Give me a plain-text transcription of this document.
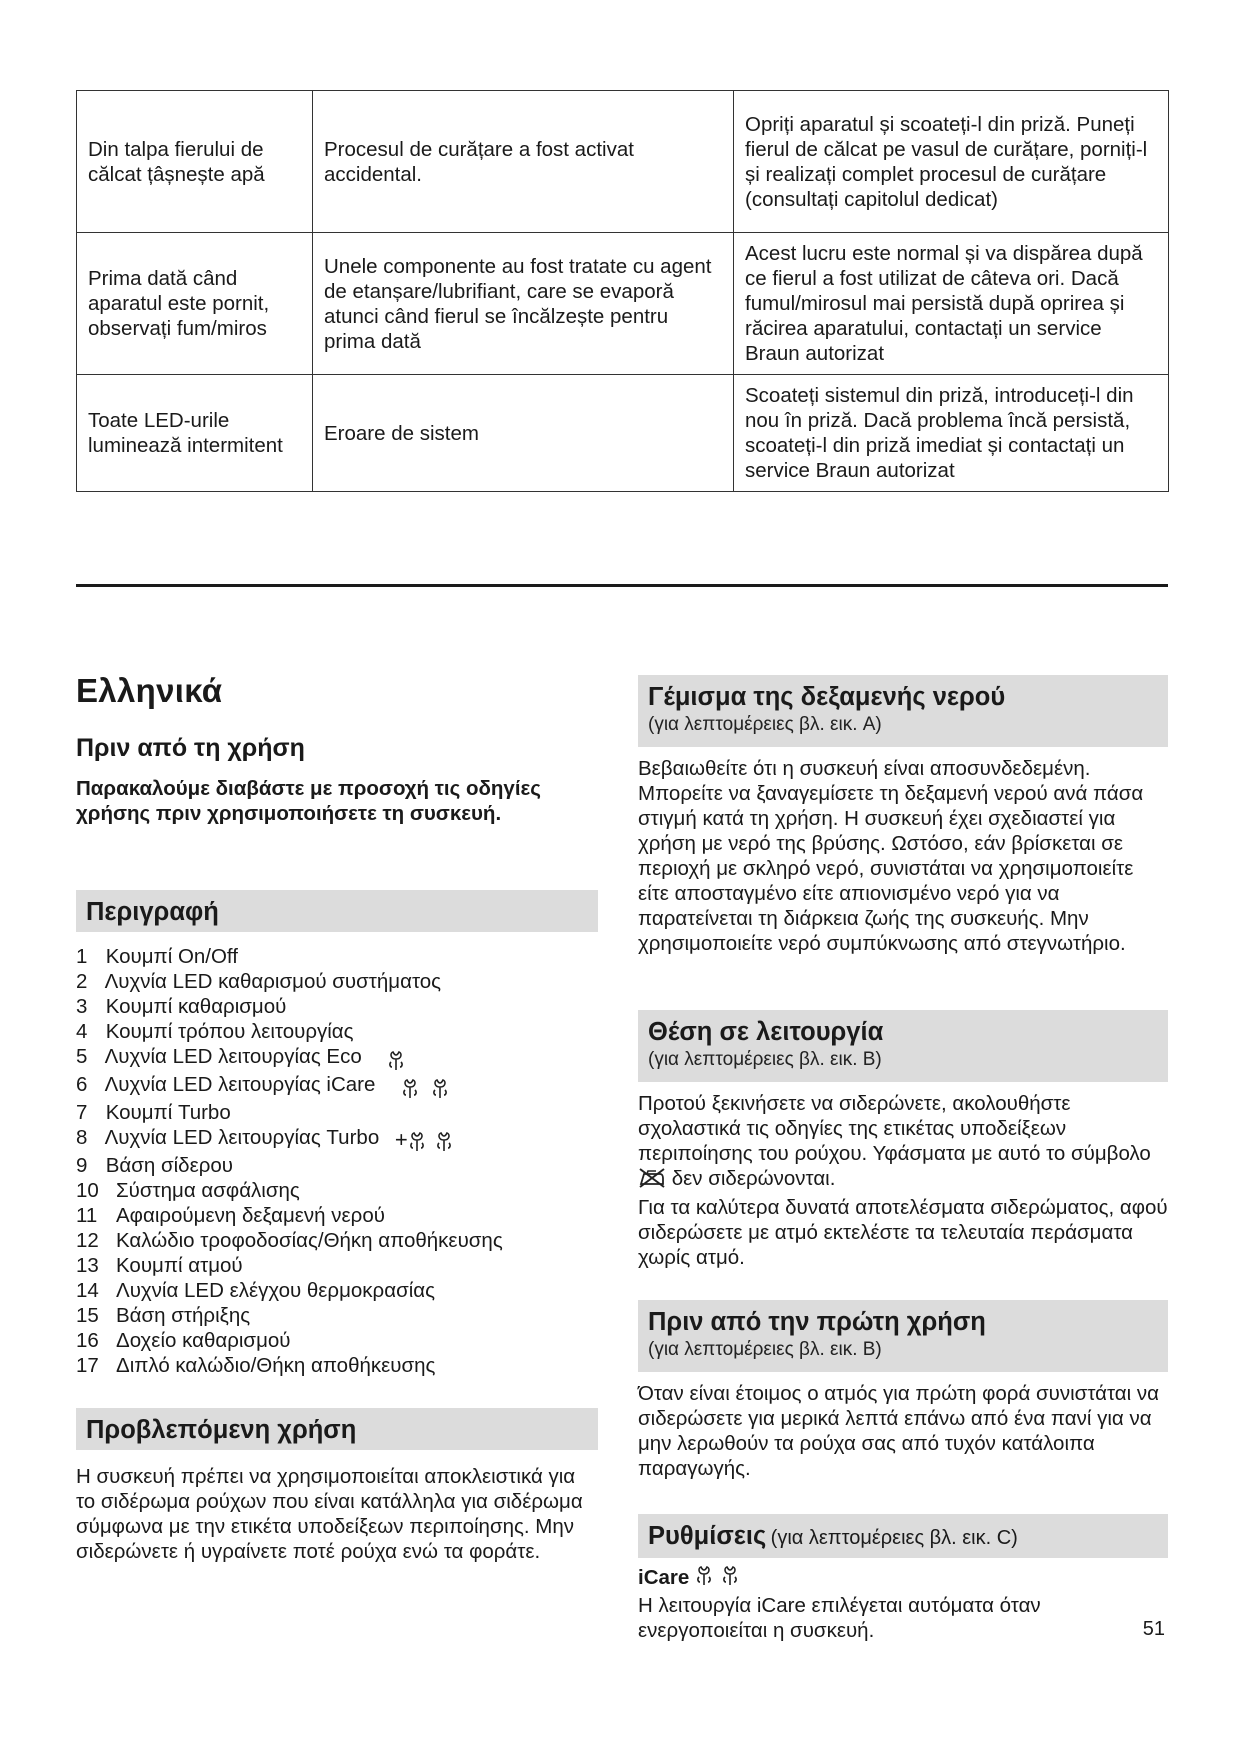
Din talpa fierului de călcat țâșnește apă	Procesul de curățare a fost activat accidental.	Opriți aparatul și scoateți-l din priză. Puneți fierul de călcat pe vasul de curățare, porniți-l și realizați complet procesul de curățare (consultați capitolul dedicat)
Prima dată când aparatul este pornit, observați fum/miros	Unele componente au fost tratate cu agent de etanșare/lubrifiant, care se evaporă atunci când fierul se încălzește pentru prima dată	Acest lucru este normal și va dispărea după ce fierul a fost utilizat de câteva ori. Dacă fumul/mirosul mai persistă după oprirea și răcirea aparatului, contactați un service Braun autorizat
Toate LED-urile luminează intermitent	Eroare de sistem	Scoateți sistemul din priză, introduceți-l din nou în priză. Dacă problema încă persistă, scoateți-l din priză imediat și contactați un service Braun autorizat
Ελληνικά
Πριν από τη χρήση
Παρακαλούμε διαβάστε με προσοχή τις οδηγίες χρήσης πριν χρησιμοποιήσετε τη συσκευή.
Περιγραφή
1 Κουμπί On/Off
2 Λυχνία LED καθαρισμού συστήματος
3 Κουμπί καθαρισμού
4 Κουμπί τρόπου λειτουργίας
5 Λυχνία LED λειτουργίας Eco
6 Λυχνία LED λειτουργίας iCare
7 Κουμπί Turbo
8 Λυχνία LED λειτουργίας Turbo +
9 Βάση σίδερου
10 Σύστημα ασφάλισης
11 Αφαιρούμενη δεξαμενή νερού
12 Καλώδιο τροφοδοσίας/Θήκη αποθήκευσης
13 Κουμπί ατμού
14 Λυχνία LED ελέγχου θερμοκρασίας
15 Βάση στήριξης
16 Δοχείο καθαρισμού
17 Διπλό καλώδιο/Θήκη αποθήκευσης
Προβλεπόμενη χρήση
Η συσκευή πρέπει να χρησιμοποιείται αποκλειστικά για το σιδέρωμα ρούχων που είναι κατάλληλα για σιδέρωμα σύμφωνα με την ετικέτα υποδείξεων περιποίησης. Μην σιδερώνετε ή υγραίνετε ποτέ ρούχα ενώ τα φοράτε.
Γέμισμα της δεξαμενής νερού
(για λεπτομέρειες βλ. εικ. A)
Βεβαιωθείτε ότι η συσκευή είναι αποσυνδεδεμένη. Μπορείτε να ξαναγεμίσετε τη δεξαμενή νερού ανά πάσα στιγμή κατά τη χρήση. Η συσκευή έχει σχεδιαστεί για χρήση με νερό της βρύσης. Ωστόσο, εάν βρίσκεται σε περιοχή με σκληρό νερό, συνιστάται να χρησιμοποιείτε είτε αποσταγμένο είτε απιονισμένο νερό για να παρατείνεται τη διάρκεια ζωής της συσκευής. Μην χρησιμοποιείτε νερό συμπύκνωσης από στεγνωτήριο.
Θέση σε λειτουργία
(για λεπτομέρειες βλ. εικ. B)
Προτού ξεκινήσετε να σιδερώνετε, ακολουθήστε σχολαστικά τις οδηγίες της ετικέτας υποδείξεων περιποίησης του ρούχου. Υφάσματα με αυτό το σύμβολο  δεν σιδερώνονται.
Για τα καλύτερα δυνατά αποτελέσματα σιδερώματος, αφού σιδερώσετε με ατμό εκτελέστε τα τελευταία περάσματα χωρίς ατμό.
Πριν από την πρώτη χρήση
(για λεπτομέρειες βλ. εικ. B)
Όταν είναι έτοιμος ο ατμός για πρώτη φορά συνιστάται να σιδερώσετε για μερικά λεπτά επάνω από ένα πανί για να μην λερωθούν τα ρούχα σας από τυχόν κατάλοιπα παραγωγής.
Ρυθμίσεις (για λεπτομέρειες βλ. εικ. C)
iCare
Η λειτουργία iCare επιλέγεται αυτόματα όταν ενεργοποιείται η συσκευή.	51
